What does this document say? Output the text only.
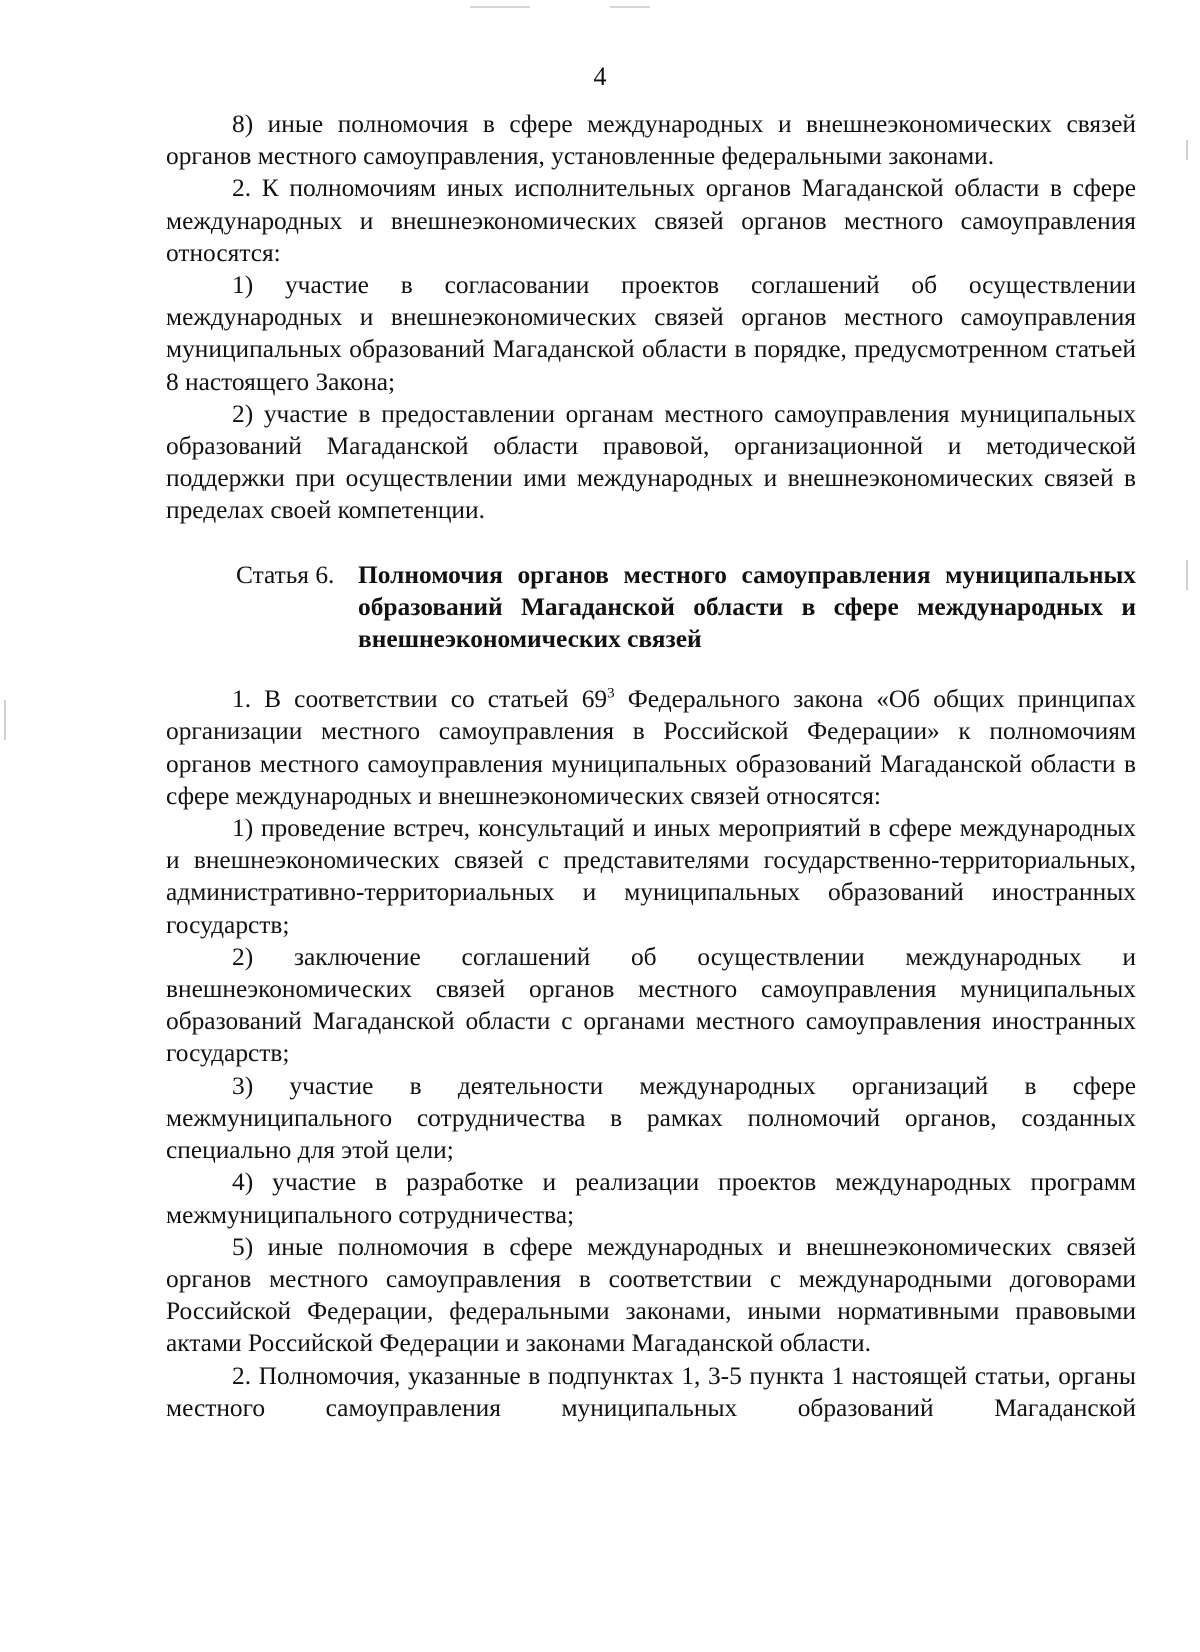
4

8) иные полномочия в сфере международных и внешнеэкономических связей органов местного самоуправления, установленные федеральными законами.

2. К полномочиям иных исполнительных органов Магаданской области в сфере международных и внешнеэкономических связей органов местного самоуправления относятся:

1) участие в согласовании проектов соглашений об осуществлении международных и внешнеэкономических связей органов местного самоуправления муниципальных образований Магаданской области в порядке, предусмотренном статьей 8 настоящего Закона;

2) участие в предоставлении органам местного самоуправления муниципальных образований Магаданской области правовой, организационной и методической поддержки при осуществлении ими международных и внешнеэкономических связей в пределах своей компетенции.

Статья 6. Полномочия органов местного самоуправления муниципальных образований Магаданской области в сфере международных и внешнеэкономических связей

1. В соответствии со статьей $69^3$ Федерального закона «Об общих принципах организации местного самоуправления в Российской Федерации» к полномочиям органов местного самоуправления муниципальных образований Магаданской области в сфере международных и внешнеэкономических связей относятся:

1) проведение встреч, консультаций и иных мероприятий в сфере международных и внешнеэкономических связей с представителями государственно-территориальных, административно-территориальных и муниципальных образований иностранных государств;

2) заключение соглашений об осуществлении международных и внешнеэкономических связей органов местного самоуправления муниципальных образований Магаданской области с органами местного самоуправления иностранных государств;

3) участие в деятельности международных организаций в сфере межмуниципального сотрудничества в рамках полномочий органов, созданных специально для этой цели;

4) участие в разработке и реализации проектов международных программ межмуниципального сотрудничества;

5) иные полномочия в сфере международных и внешнеэкономических связей органов местного самоуправления в соответствии с международными договорами Российской Федерации, федеральными законами, иными нормативными правовыми актами Российской Федерации и законами Магаданской области.

2. Полномочия, указанные в подпунктах 1, 3-5 пункта 1 настоящей статьи, органы местного самоуправления муниципальных образований Магаданской
